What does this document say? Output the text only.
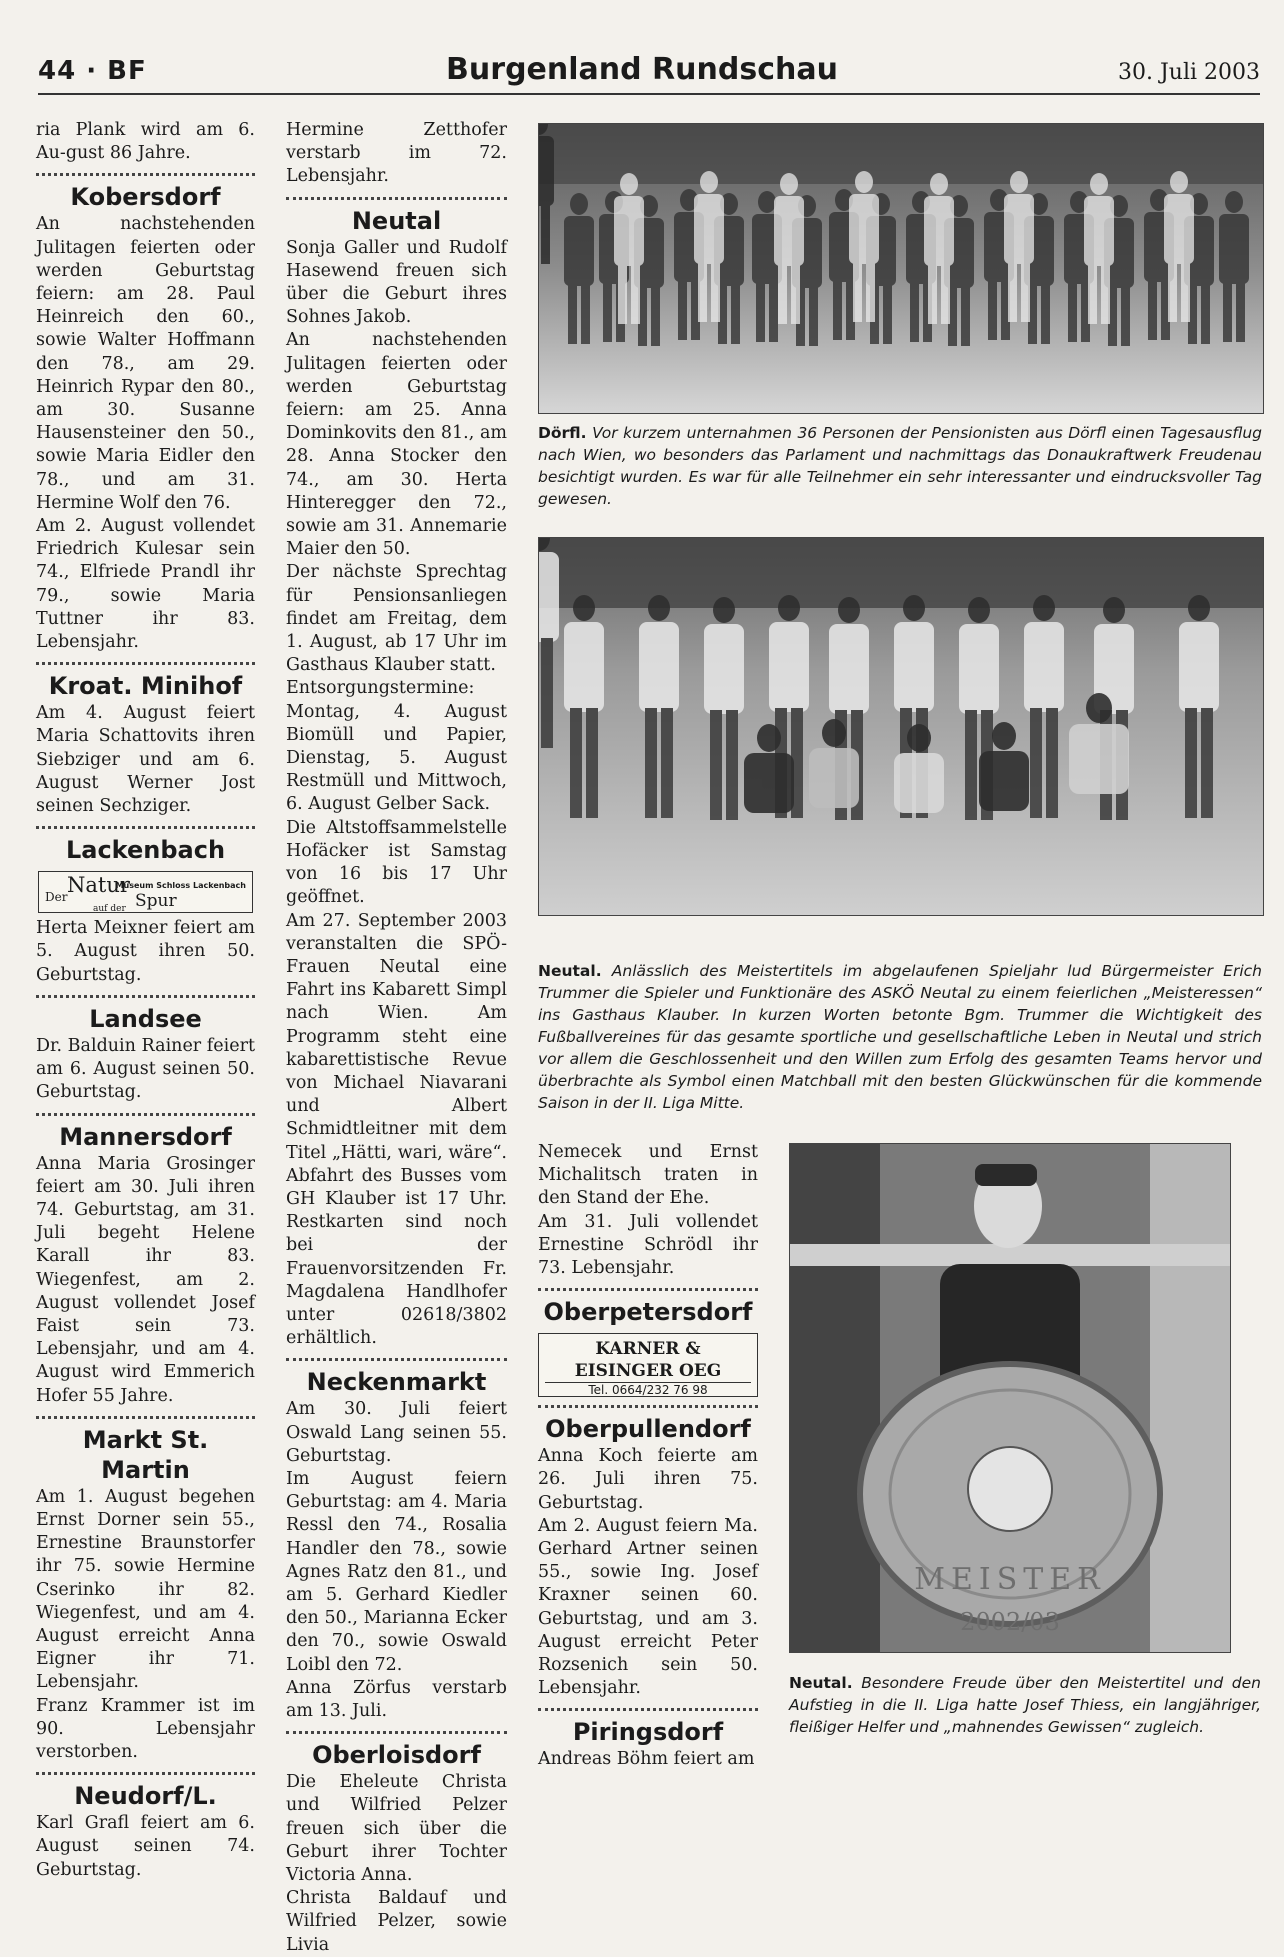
44 · BF	Burgenland Rundschau	30. Juli 2003

ria Plank wird am 6. Au-gust 86 Jahre.

Kobersdorf

An nachstehenden Julitagen feierten oder werden Geburtstag feiern: am 28. Paul Heinreich den 60., sowie Walter Hoffmann den 78., am 29. Heinrich Rypar den 80., am 30. Susanne Hausensteiner den 50., sowie Maria Eidler den 78., und am 31. Hermine Wolf den 76.

Am 2. August vollendet Friedrich Kulesar sein 74., Elfriede Prandl ihr 79., sowie Maria Tuttner ihr 83. Lebensjahr.

Kroat. Minihof

Am 4. August feiert Maria Schattovits ihren Siebziger und am 6. August Werner Jost seinen Sechziger.

Lackenbach
Der Natur
auf der Spur
Museum Schloss Lackenbach

Herta Meixner feiert am 5. August ihren 50. Geburtstag.

Landsee

Dr. Balduin Rainer feiert am 6. August seinen 50. Geburtstag.

Mannersdorf

Anna Maria Grosinger feiert am 30. Juli ihren 74. Geburtstag, am 31. Juli begeht Helene Karall ihr 83. Wiegenfest, am 2. August vollendet Josef Faist sein 73. Lebensjahr, und am 4. August wird Emmerich Hofer 55 Jahre.

Markt St. Martin

Am 1. August begehen Ernst Dorner sein 55., Ernestine Braunstorfer ihr 75. sowie Hermine Cserinko ihr 82. Wiegenfest, und am 4. August erreicht Anna Eigner ihr 71. Lebensjahr.

Franz Krammer ist im 90. Lebensjahr verstorben.

Neudorf/L.

Karl Grafl feiert am 6. August seinen 74. Geburtstag.

Hermine Zetthofer verstarb im 72. Lebensjahr.

Neutal

Sonja Galler und Rudolf Hasewend freuen sich über die Geburt ihres Sohnes Jakob.

An nachstehenden Julitagen feierten oder werden Geburtstag feiern: am 25. Anna Dominkovits den 81., am 28. Anna Stocker den 74., am 30. Herta Hinteregger den 72., sowie am 31. Annemarie Maier den 50.

Der nächste Sprechtag für Pensionsanliegen findet am Freitag, dem 1. August, ab 17 Uhr im Gasthaus Klauber statt.

Entsorgungstermine: Montag, 4. August Biomüll und Papier, Dienstag, 5. August Restmüll und Mittwoch, 6. August Gelber Sack.

Die Altstoffsammelstelle Hofäcker ist Samstag von 16 bis 17 Uhr geöffnet.

Am 27. September 2003 veranstalten die SPÖ-Frauen Neutal eine Fahrt ins Kabarett Simpl nach Wien. Am Programm steht eine kabarettistische Revue von Michael Niavarani und Albert Schmidtleitner mit dem Titel „Hätti, wari, wäre“. Abfahrt des Busses vom GH Klauber ist 17 Uhr. Restkarten sind noch bei der Frauenvorsitzenden Fr. Magdalena Handlhofer unter 02618/3802 erhältlich.

Neckenmarkt

Am 30. Juli feiert Oswald Lang seinen 55. Geburtstag.

Im August feiern Geburtstag: am 4. Maria Ressl den 74., Rosalia Handler den 78., sowie Agnes Ratz den 81., und am 5. Gerhard Kiedler den 50., Marianna Ecker den 70., sowie Oswald Loibl den 72.

Anna Zörfus verstarb am 13. Juli.

Oberloisdorf

Die Eheleute Christa und Wilfried Pelzer freuen sich über die Geburt ihrer Tochter Victoria Anna.

Christa Baldauf und Wilfried Pelzer, sowie Livia

Dörfl. Vor kurzem unternahmen 36 Personen der Pensionisten aus Dörfl einen Tagesausflug nach Wien, wo besonders das Parlament und nachmittags das Donaukraftwerk Freudenau besichtigt wurden. Es war für alle Teilnehmer ein sehr interessanter und eindrucksvoller Tag gewesen.
Neutal. Anlässlich des Meistertitels im abgelaufenen Spieljahr lud Bürgermeister Erich Trummer die Spieler und Funktionäre des ASKÖ Neutal zu einem feierlichen „Meisteressen“ ins Gasthaus Klauber. In kurzen Worten betonte Bgm. Trummer die Wichtigkeit des Fußballvereines für das gesamte sportliche und gesellschaftliche Leben in Neutal und strich vor allem die Geschlossenheit und den Willen zum Erfolg des gesamten Teams hervor und überbrachte als Symbol einen Matchball mit den besten Glückwünschen für die kommende Saison in der II. Liga Mitte.

Nemecek und Ernst Michalitsch traten in den Stand der Ehe.

Am 31. Juli vollendet Ernestine Schrödl ihr 73. Lebensjahr.

Oberpetersdorf
KARNER &
EISINGER OEG
Tel. 0664/232 76 98
Oberpullendorf

Anna Koch feierte am 26. Juli ihren 75. Geburtstag.

Am 2. August feiern Ma. Gerhard Artner seinen 55., sowie Ing. Josef Kraxner seinen 60. Geburtstag, und am 3. August erreicht Peter Rozsenich sein 50. Lebensjahr.

Piringsdorf

Andreas Böhm feiert am

MEISTER
2002/03
Neutal. Besondere Freude über den Meistertitel und den Aufstieg in die II. Liga hatte Josef Thiess, ein langjähriger, fleißiger Helfer und „mahnendes Gewissen“ zugleich.
